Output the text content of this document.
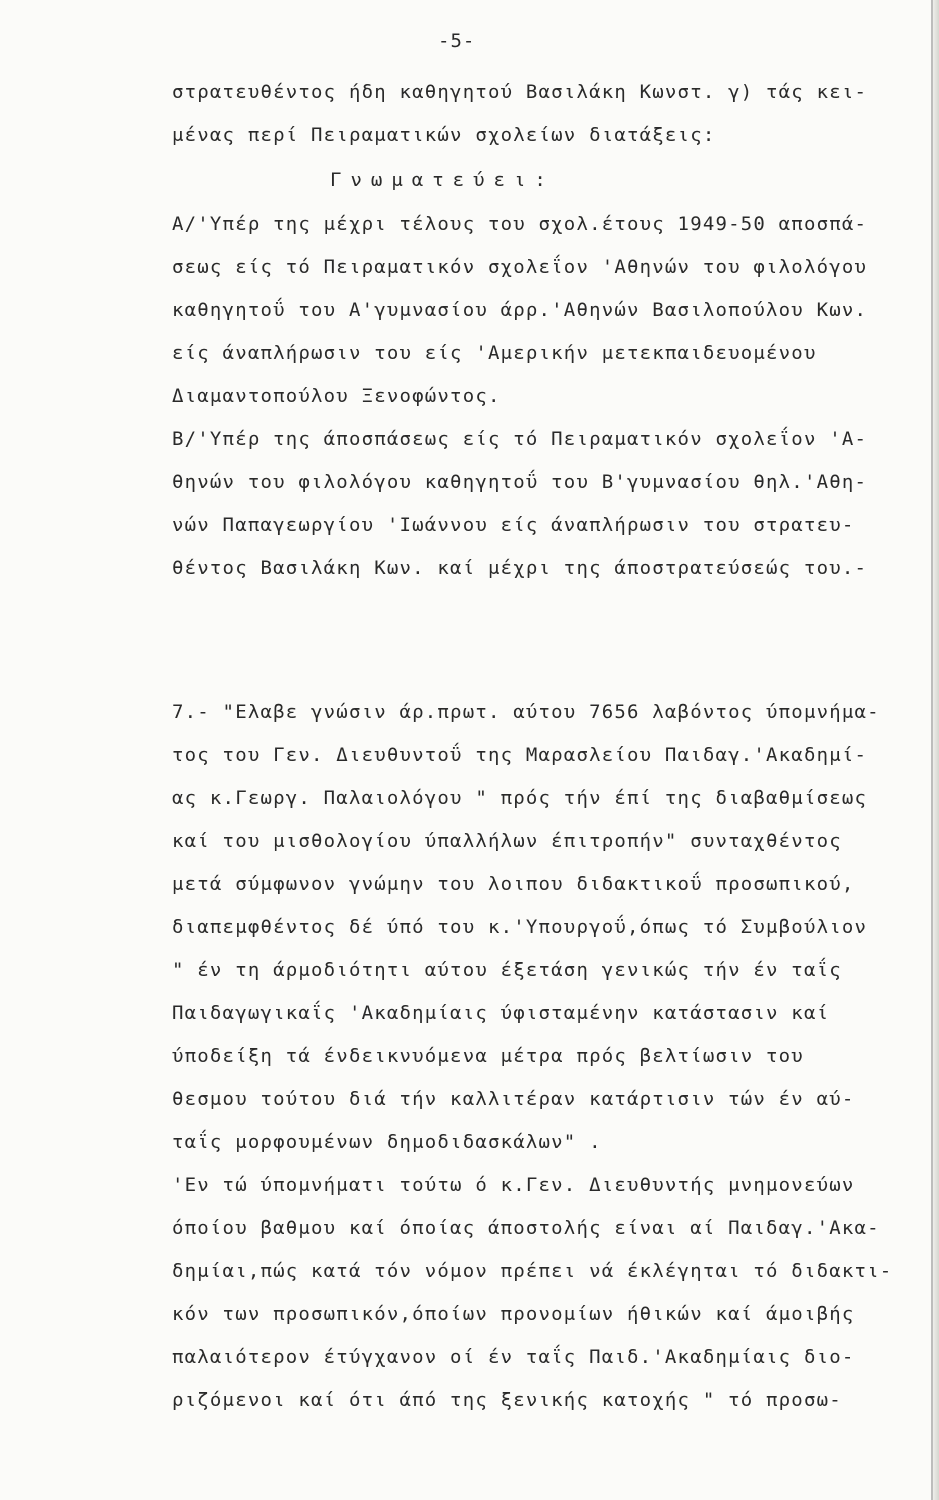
-5-
στρατευθέντος ήδη καθηγητού Βασιλάκη Κωνστ. γ) τάς κει-
μένας περί Πειραματικών σχολείων διατάξεις:
Γνωματεύει:
Α/'Υπέρ της μέχρι τέλους του σχολ.έτους 1949-50 αποσπά-
σεως είς τό Πειραματικόν σχολεΐον 'Αθηνών του φιλολόγου
καθηγητοΰ του Α'γυμνασίου άρρ.'Αθηνών Βασιλοπούλου Κων.
είς άναπλήρωσιν του είς 'Αμερικήν μετεκπαιδευομένου
Διαμαντοπούλου Ξενοφώντος.
Β/'Υπέρ της άποσπάσεως είς τό Πειραματικόν σχολεΐον 'Α-
θηνών του φιλολόγου καθηγητοΰ του Β'γυμνασίου θηλ.'Αθη-
νών Παπαγεωργίου 'Ιωάννου είς άναπλήρωσιν του στρατευ-
θέντος Βασιλάκη Κων. καί μέχρι της άποστρατεύσεώς του.-
7.- "Ελαβε γνώσιν άρ.πρωτ. αύτου 7656 λαβόντος ύπομνήμα-
τος του Γεν. Διευθυντοΰ της Μαρασλείου Παιδαγ.'Ακαδημί-
ας κ.Γεωργ. Παλαιολόγου " πρός τήν έπί της διαβαθμίσεως
καί του μισθολογίου ύπαλλήλων έπιτροπήν" συνταχθέντος
μετά σύμφωνον γνώμην του λοιπου διδακτικοΰ προσωπικού,
διαπεμφθέντος δέ ύπό του κ.'Υπουργοΰ,όπως τό Συμβούλιον
" έν τη άρμοδιότητι αύτου έξετάση γενικώς τήν έν ταΐς
Παιδαγωγικαΐς 'Ακαδημίαις ύφισταμένην κατάστασιν καί
ύποδείξη τά ένδεικνυόμενα μέτρα πρός βελτίωσιν του
θεσμου τούτου διά τήν καλλιτέραν κατάρτισιν τών έν αύ-
ταΐς μορφουμένων δημοδιδασκάλων" .
'Εν τώ ύπομνήματι τούτω ό κ.Γεν. Διευθυντής μνημονεύων
όποίου βαθμου καί όποίας άποστολής είναι αί Παιδαγ.'Ακα-
δημίαι,πώς κατά τόν νόμον πρέπει νά έκλέγηται τό διδακτι-
κόν των προσωπικόν,όποίων προνομίων ήθικών καί άμοιβής
παλαιότερον έτύγχανον οί έν ταΐς Παιδ.'Ακαδημίαις διο-
ριζόμενοι καί ότι άπό της ξενικής κατοχής " τό προσω-
